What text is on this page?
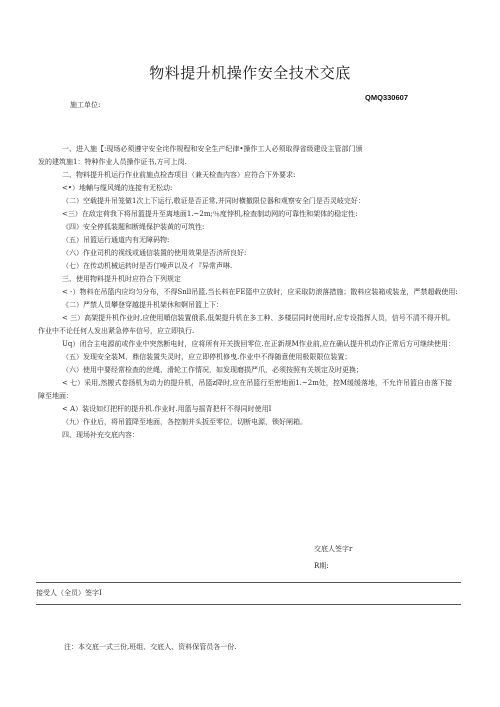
物料提升机操作安全技术交底
QMQ330607
施工单位:

一、进入施【:现场必须遵守安全诧作规程和安全生产纪律•操作工人必须取得省级建设主管部门颁

发的建筑施1：特种作业人员操作证书,方可上岗.

二、物料提升机运行作业前施点检杳项目（兼天检查内容）应符合下外要求:

<•）地輔与缆风绳的连接有无松动:

（二）空载提升吊笼做1次上下运行,敬证是否正常,并同时横撤限位器和观察安全门是否灵岐完好：

<三）在敌定荷我下将吊篮提升至离地面1.~2m;％度悖机,检查制动网的可靠性和架体的稳定性:

《四）安全停狐装题和断绳保护装黄的可筑性:

（五）吊篮运行通道内有无障码物:

（六）作业司机的视线或通信装置的使用效果是否济所良好:

（七）在传动机械运转时是否仃噪声以及イ『异常声啉.

三、使用物料提升机时应符合下列规定

< -）物料在吊篮内应均匀分布，不得Snll吊篮,当长料在FE篮中立放时，应采取防滚落措施；散料应装箱或装龙，严禁超载使用:

《二）严禁人员攀登穿越提升机架休和婀吊篮上下：

< 三）高架提升机作业时,应使用順信装置俄系,低架提升机在多工种、多楼层同时使用时,应专设指挥人员，信号不清不得开机。作业中不论任何人发出紧急停车信号，应立即执行.

Uq）闭合主电源前或作业中突然断电时，应将所有开关拨回零位.在正新规M作业前,应在确认提升机动作正常后方可继续使用：

（五）发现安全装M、鼎信装置失灵时，应立即停机修曳.作业中不得随意使用极限限位装置；

（六）使用中要经常检查的丝绳、滑轮工作情况，如发现磨损严爪，必须按照有关规定及时更换；

< 七）采用,然搬式卷扬机为动力的提升机，吊篮z降时,应在吊篮行至密地面1.~2m处，控M缓缓落地，不允许吊篮自由落下接障至地面：

< A）装设如灯把杆的提升机.作业时.用篮与摇背把杆不得同时使用I

（九）作业后，将吊篮降至地面，各控制并头扳至零位，切断电源，锁好闸箱。

四、现场补充交底内容：

交底人签字r
R期:
接受人（全员）签字I
注：本交底一式三份,班组、交底人、资料保管员各一份.
